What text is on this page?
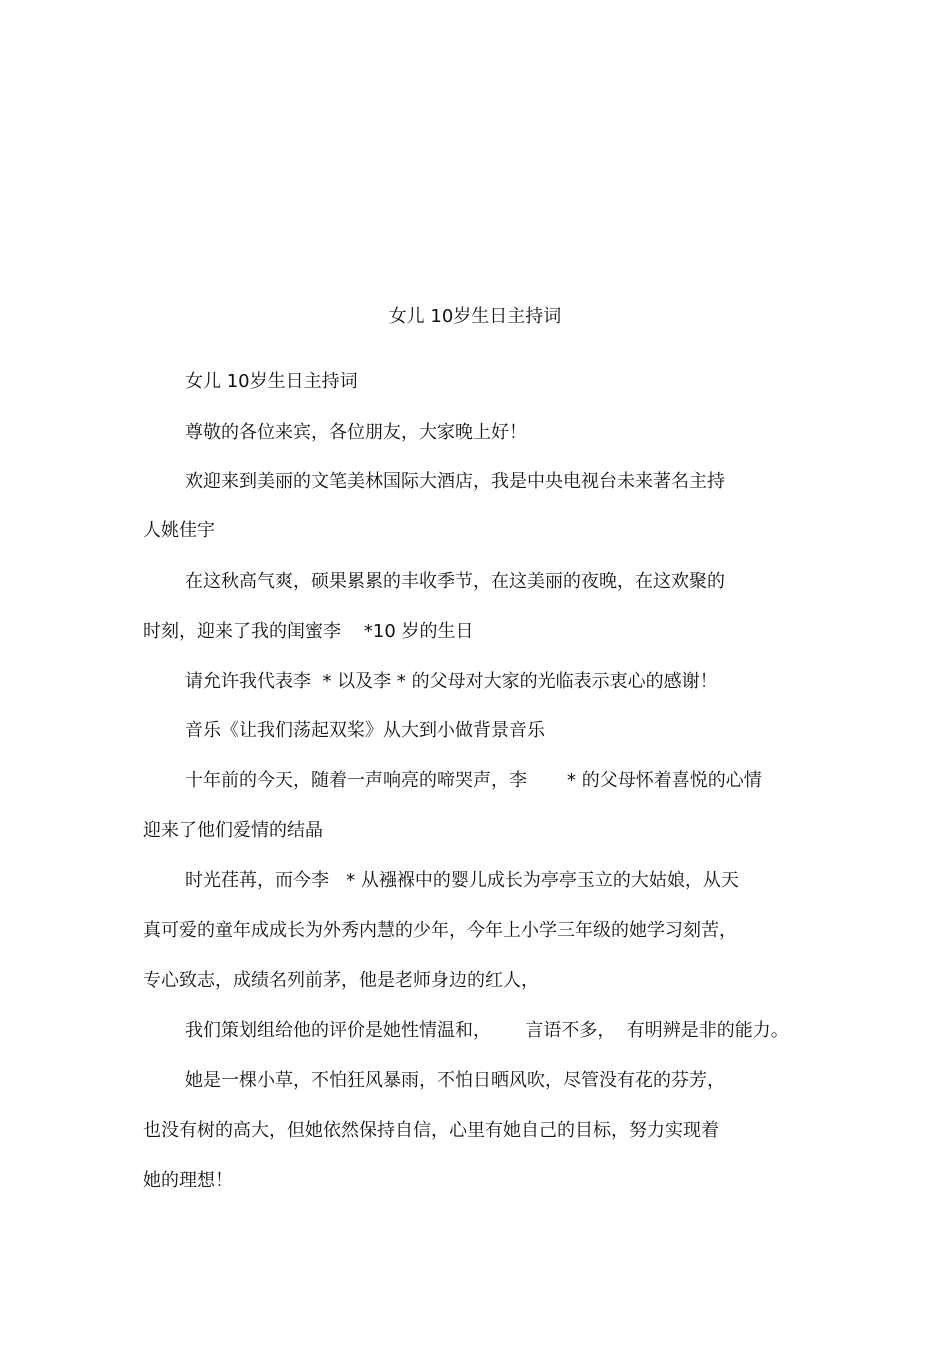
女儿 10岁生日主持词
女儿 10岁生日主持词
尊敬的各位来宾，各位朋友，大家晚上好！
欢迎来到美丽的文笔美林国际大酒店，我是中央电视台未来著名主持
人姚佳宇
在这秋高气爽，硕果累累的丰收季节，在这美丽的夜晚，在这欢聚的
时刻，迎来了我的闺蜜李    *10 岁的生日
请允许我代表李  * 以及李 * 的父母对大家的光临表示衷心的感谢！
音乐《让我们荡起双桨》从大到小做背景音乐
十年前的今天，随着一声响亮的啼哭声，李       * 的父母怀着喜悦的心情
迎来了他们爱情的结晶
时光荏苒，而今李   * 从襁褓中的婴儿成长为亭亭玉立的大姑娘，从天
真可爱的童年成成长为外秀内慧的少年，今年上小学三年级的她学习刻苦，
专心致志，成绩名列前茅，他是老师身边的红人，
我们策划组给他的评价是她性情温和，      言语不多，  有明辨是非的能力。
她是一棵小草，不怕狂风暴雨，不怕日晒风吹，尽管没有花的芬芳，
也没有树的高大，但她依然保持自信，心里有她自己的目标，努力实现着
她的理想！
